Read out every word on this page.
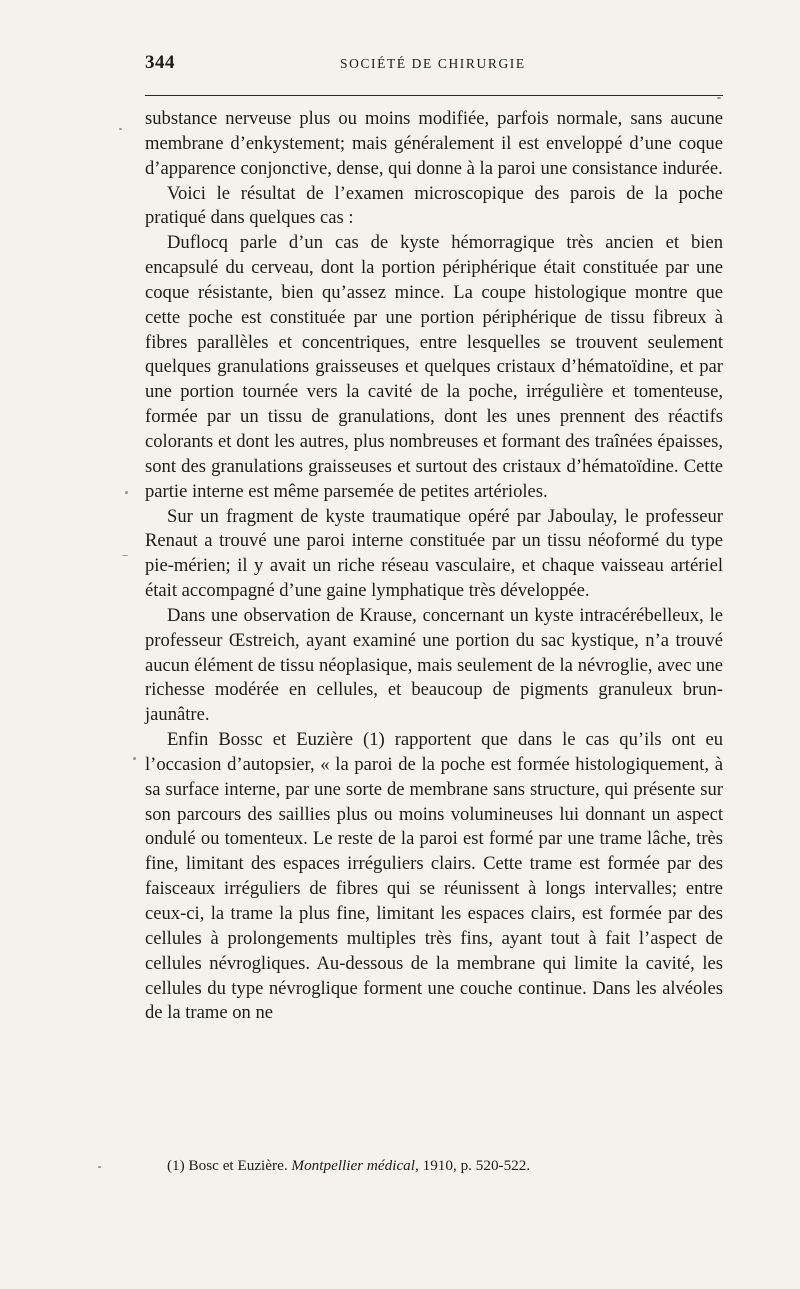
344	SOCIÉTÉ DE CHIRURGIE

substance nerveuse plus ou moins modifiée, parfois normale, sans aucune membrane d’enkystement; mais généralement il est enveloppé d’une coque d’apparence conjonctive, dense, qui donne à la paroi une consistance indurée.

Voici le résultat de l’examen microscopique des parois de la poche pratiqué dans quelques cas :

Duflocq parle d’un cas de kyste hémorragique très ancien et bien encapsulé du cerveau, dont la portion périphérique était constituée par une coque résistante, bien qu’assez mince. La coupe histologique montre que cette poche est constituée par une portion périphérique de tissu fibreux à fibres parallèles et concentriques, entre lesquelles se trouvent seulement quelques granulations graisseuses et quelques cristaux d’hématoïdine, et par une portion tournée vers la cavité de la poche, irrégulière et tomenteuse, formée par un tissu de granulations, dont les unes prennent des réactifs colorants et dont les autres, plus nombreuses et formant des traînées épaisses, sont des granulations graisseuses et surtout des cristaux d’hématoïdine. Cette partie interne est même parsemée de petites artérioles.

Sur un fragment de kyste traumatique opéré par Jaboulay, le professeur Renaut a trouvé une paroi interne constituée par un tissu néoformé du type pie-mérien; il y avait un riche réseau vasculaire, et chaque vaisseau artériel était accompagné d’une gaine lymphatique très développée.

Dans une observation de Krause, concernant un kyste intracérébelleux, le professeur Œstreich, ayant examiné une portion du sac kystique, n’a trouvé aucun élément de tissu néoplasique, mais seulement de la névroglie, avec une richesse modérée en cellules, et beaucoup de pigments granuleux brun-jaunâtre.

Enfin Bossc et Euzière (1) rapportent que dans le cas qu’ils ont eu l’occasion d’autopsier, « la paroi de la poche est formée histologiquement, à sa surface interne, par une sorte de membrane sans structure, qui présente sur son parcours des saillies plus ou moins volumineuses lui donnant un aspect ondulé ou tomenteux. Le reste de la paroi est formé par une trame lâche, très fine, limitant des espaces irréguliers clairs. Cette trame est formée par des faisceaux irréguliers de fibres qui se réunissent à longs intervalles; entre ceux-ci, la trame la plus fine, limitant les espaces clairs, est formée par des cellules à prolongements multiples très fins, ayant tout à fait l’aspect de cellules névrogliques. Au-dessous de la membrane qui limite la cavité, les cellules du type névroglique forment une couche continue. Dans les alvéoles de la trame on ne

(1) Bosc et Euzière. Montpellier médical, 1910, p. 520-522.
